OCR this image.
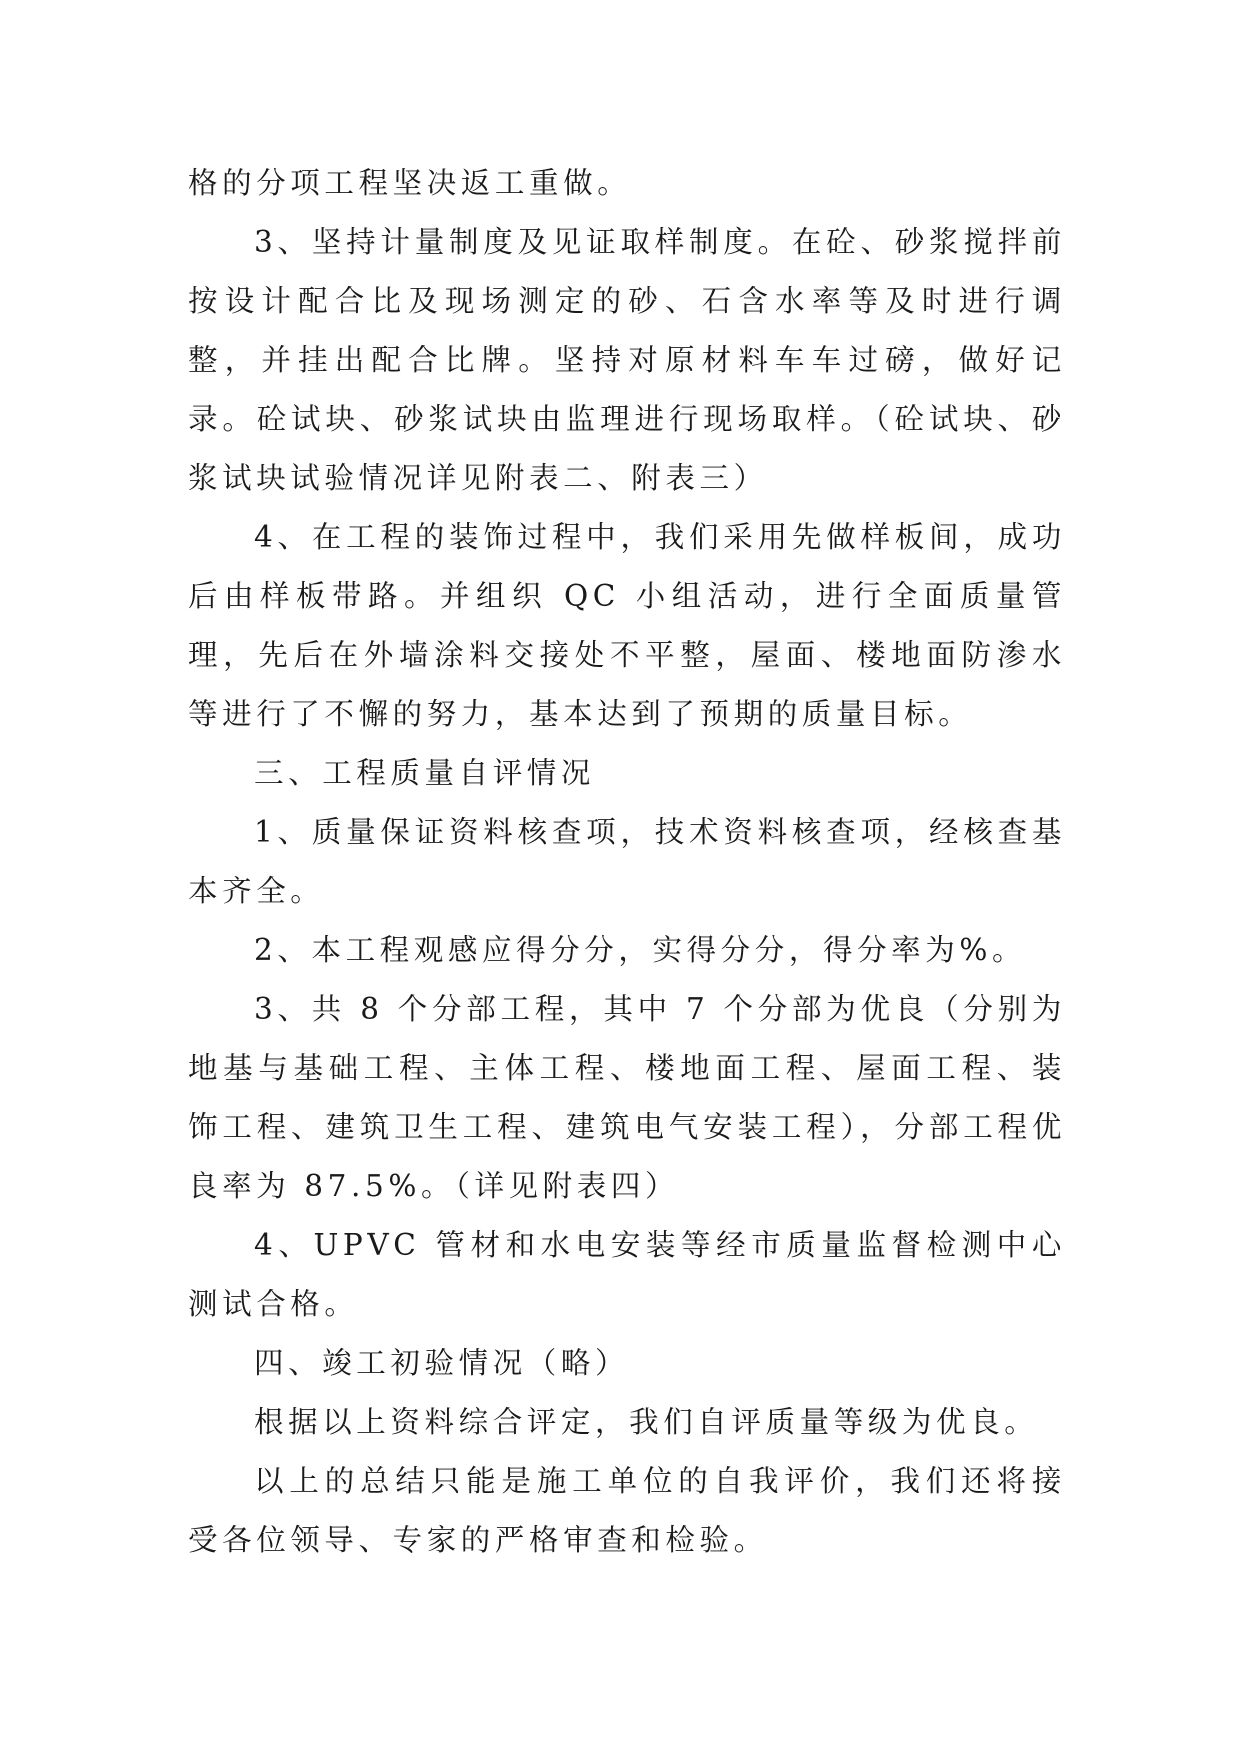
格的分项工程坚决返工重做。

3、坚持计量制度及见证取样制度。在砼、砂浆搅拌前按设计配合比及现场测定的砂、石含水率等及时进行调整，并挂出配合比牌。坚持对原材料车车过磅，做好记录。砼试块、砂浆试块由监理进行现场取样。（砼试块、砂浆试块试验情况详见附表二、附表三）

4、在工程的装饰过程中，我们采用先做样板间，成功后由样板带路。并组织 QC 小组活动，进行全面质量管理，先后在外墙涂料交接处不平整，屋面、楼地面防渗水等进行了不懈的努力，基本达到了预期的质量目标。

三、工程质量自评情况

1、质量保证资料核查项，技术资料核查项，经核查基本齐全。

2、本工程观感应得分分，实得分分，得分率为%。

3、共 8 个分部工程，其中 7 个分部为优良（分别为地基与基础工程、主体工程、楼地面工程、屋面工程、装饰工程、建筑卫生工程、建筑电气安装工程），分部工程优良率为 87.5%。（详见附表四）

4、UPVC 管材和水电安装等经市质量监督检测中心测试合格。

四、竣工初验情况（略）

根据以上资料综合评定，我们自评质量等级为优良。

以上的总结只能是施工单位的自我评价，我们还将接受各位领导、专家的严格审查和检验。
